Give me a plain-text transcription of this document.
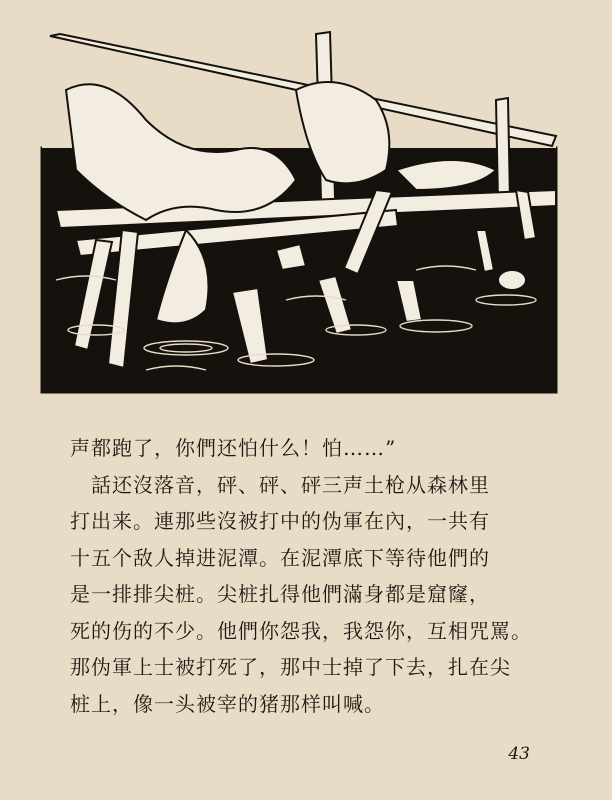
声都跑了，你們还怕什么！怕……”

　話还沒落音，砰、砰、砰三声土枪从森林里

打出来。連那些沒被打中的伪軍在內，一共有

十五个敌人掉进泥潭。在泥潭底下等待他們的

是一排排尖桩。尖桩扎得他們滿身都是窟窿，

死的伤的不少。他們你怨我，我怨你，互相咒罵。

那伪軍上士被打死了，那中士掉了下去，扎在尖

桩上，像一头被宰的猪那样叫喊。

43
